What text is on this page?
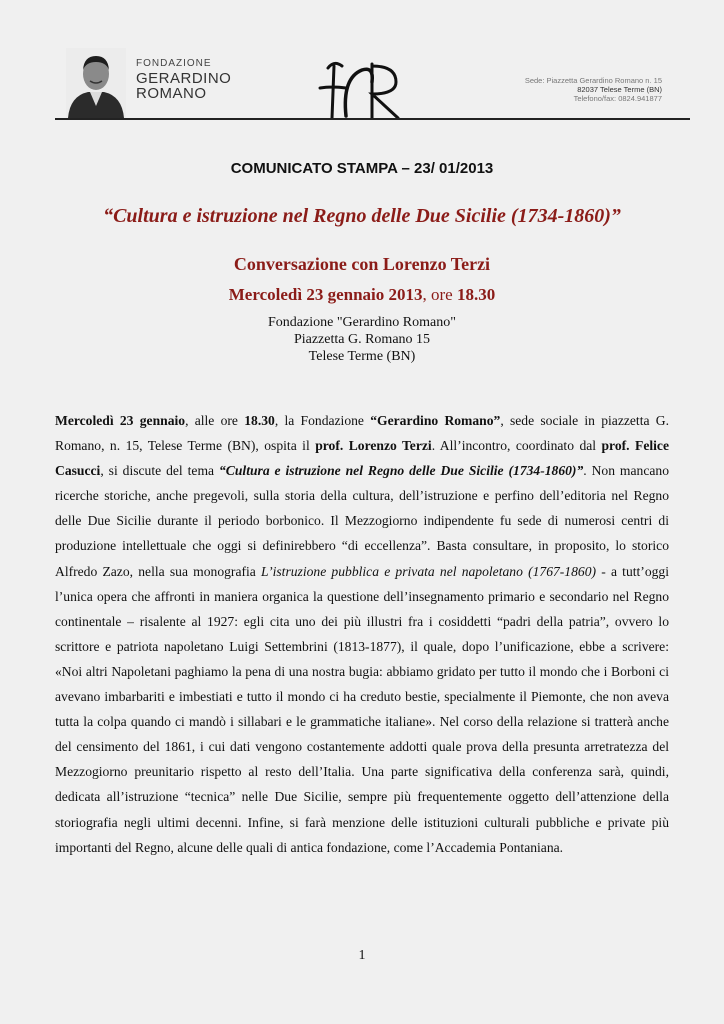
FONDAZIONE
GERARDINO
ROMANO
Sede: Piazzetta Gerardino Romano n. 15
82037 Telese Terme (BN)
Telefono/fax: 0824.941877
COMUNICATO STAMPA – 23/ 01/2013
“Cultura e istruzione nel Regno delle Due Sicilie (1734-1860)”
Conversazione con Lorenzo Terzi
Mercoledì 23 gennaio 2013, ore 18.30
Fondazione "Gerardino Romano"
Piazzetta G. Romano 15
Telese Terme (BN)

Mercoledì 23 gennaio, alle ore 18.30, la Fondazione “Gerardino Romano”, sede sociale in piazzetta G. Romano, n. 15, Telese Terme (BN), ospita il prof. Lorenzo Terzi. All’incontro, coordinato dal prof. Felice Casucci, si discute del tema “Cultura e istruzione nel Regno delle Due Sicilie (1734-1860)”. Non mancano ricerche storiche, anche pregevoli, sulla storia della cultura, dell’istruzione e perfino dell’editoria nel Regno delle Due Sicilie durante il periodo borbonico. Il Mezzogiorno indipendente fu sede di numerosi centri di produzione intellettuale che oggi si definirebbero “di eccellenza”. Basta consultare, in proposito, lo storico Alfredo Zazo, nella sua monografia L’istruzione pubblica e privata nel napoletano (1767-1860) - a tutt’oggi l’unica opera che affronti in maniera organica la questione dell’insegnamento primario e secondario nel Regno continentale – risalente al 1927: egli cita uno dei più illustri fra i cosiddetti “padri della patria”, ovvero lo scrittore e patriota napoletano Luigi Settembrini (1813-1877), il quale, dopo l’unificazione, ebbe a scrivere: «Noi altri Napoletani paghiamo la pena di una nostra bugia: abbiamo gridato per tutto il mondo che i Borboni ci avevano imbarbariti e imbestiati e tutto il mondo ci ha creduto bestie, specialmente il Piemonte, che non aveva tutta la colpa quando ci mandò i sillabari e le grammatiche italiane». Nel corso della relazione si tratterà anche del censimento del 1861, i cui dati vengono costantemente addotti quale prova della presunta arretratezza del Mezzogiorno preunitario rispetto al resto dell’Italia. Una parte significativa della conferenza sarà, quindi, dedicata all’istruzione “tecnica” nelle Due Sicilie, sempre più frequentemente oggetto dell’attenzione della storiografia negli ultimi decenni. Infine, si farà menzione delle istituzioni culturali pubbliche e private più importanti del Regno, alcune delle quali di antica fondazione, come l’Accademia Pontaniana.

1
